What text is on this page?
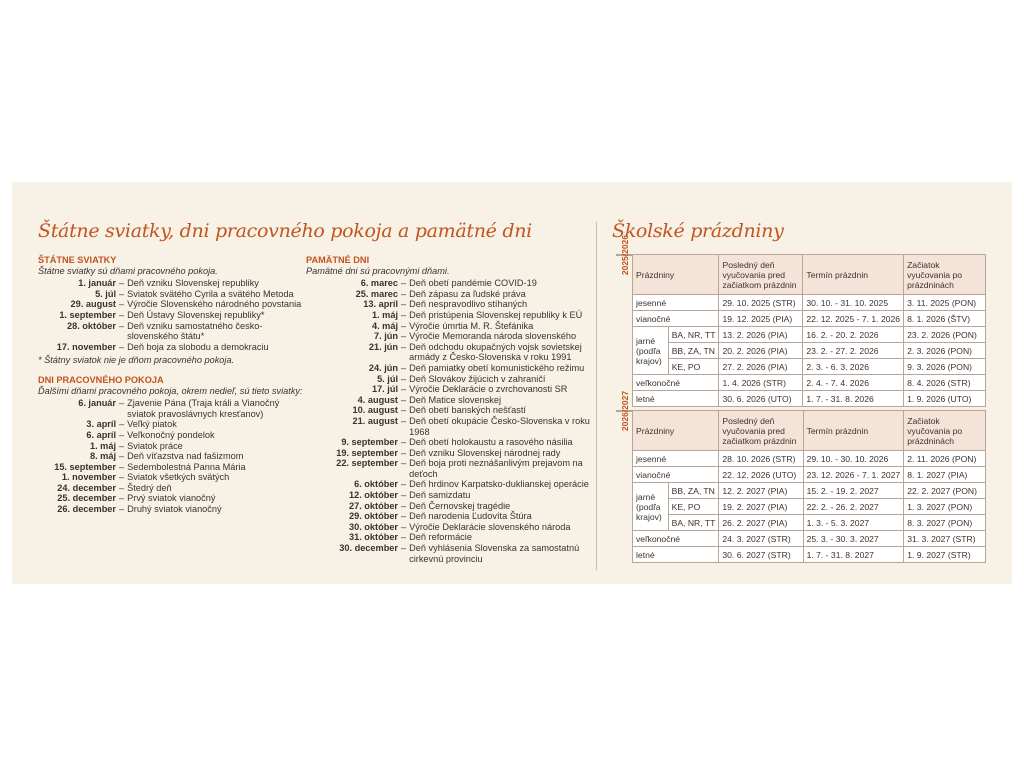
Štátne sviatky, dni pracovného pokoja a pamätné dni	Školské prázdniny
ŠTÁTNE SVIATKY
Štátne sviatky sú dňami pracovného pokoja.
1. január – Deň vzniku Slovenskej republiky
5. júl – Sviatok svätého Cyrila a svätého Metoda
29. august – Výročie Slovenského národného povstania
1. september – Deň Ústavy Slovenskej republiky*
28. október – Deň vzniku samostatného česko-slovenského štátu*
17. november – Deň boja za slobodu a demokraciu
* Štátny sviatok nie je dňom pracovného pokoja.
DNI PRACOVNÉHO POKOJA
Ďalšími dňami pracovného pokoja, okrem nedieľ, sú tieto sviatky:
6. január – Zjavenie Pána (Traja králi a Vianočný sviatok pravoslávnych kresťanov)
3. apríl – Veľký piatok
6. apríl – Veľkonočný pondelok
1. máj – Sviatok práce
8. máj – Deň víťazstva nad fašizmom
15. september – Sedembolestná Panna Mária
1. november – Sviatok všetkých svätých
24. december – Štedrý deň
25. december – Prvý sviatok vianočný
26. december – Druhý sviatok vianočný
PAMÄTNÉ DNI
Pamätné dni sú pracovnými dňami.
6. marec – Deň obetí pandémie COVID-19
25. marec – Deň zápasu za ľudské práva
13. apríl – Deň nespravodlivo stíhaných
1. máj – Deň pristúpenia Slovenskej republiky k EÚ
4. máj – Výročie úmrtia M. R. Štefánika
7. jún – Výročie Memoranda národa slovenského
21. jún – Deň odchodu okupačných vojsk sovietskej armády z Česko-Slovenska v roku 1991
24. jún – Deň pamiatky obetí komunistického režimu
5. júl – Deň Slovákov žijúcich v zahraničí
17. júl – Výročie Deklarácie o zvrchovanosti SR
4. august – Deň Matice slovenskej
10. august – Deň obetí banských nešťastí
21. august – Deň obetí okupácie Česko-Slovenska v roku 1968
9. september – Deň obetí holokaustu a rasového násilia
19. september – Deň vzniku Slovenskej národnej rady
22. september – Deň boja proti neznášanlivým prejavom na deťoch
6. október – Deň hrdinov Karpatsko-duklianskej operácie
12. október – Deň samizdatu
27. október – Deň Černovskej tragédie
29. október – Deň narodenia Ľudovíta Štúra
30. október – Výročie Deklarácie slovenského národa
31. október – Deň reformácie
30. december – Deň vyhlásenia Slovenska za samostatnú cirkevnú provinciu
2025/2026 Prázdniny		Posledný deň vyučovania pred začiatkom prázdnin	Termín prázdnin	Začiatok vyučovania po prázdninách
jesenné		29. 10. 2025 (STR)	30. 10. - 31. 10. 2025	3. 11. 2025 (PON)
vianočné		19. 12. 2025 (PIA)	22. 12. 2025 - 7. 1. 2026	8. 1. 2026 (ŠTV)
jarné (podľa krajov)	BA, NR, TT	13. 2. 2026 (PIA)	16. 2. - 20. 2. 2026	23. 2. 2026 (PON)
	BB, ZA, TN	20. 2. 2026 (PIA)	23. 2. - 27. 2. 2026	2. 3. 2026 (PON)
	KE, PO	27. 2. 2026 (PIA)	2. 3. - 6. 3. 2026	9. 3. 2026 (PON)
veľkonočné		1. 4. 2026 (STR)	2. 4. - 7. 4. 2026	8. 4. 2026 (STR)
letné		30. 6. 2026 (UTO)	1. 7. - 31. 8. 2026	1. 9. 2026 (UTO)
2026/2027 Prázdniny		Posledný deň vyučovania pred začiatkom prázdnin	Termín prázdnin	Začiatok vyučovania po prázdninách
jesenné		28. 10. 2026 (STR)	29. 10. - 30. 10. 2026	2. 11. 2026 (PON)
vianočné		22. 12. 2026 (UTO)	23. 12. 2026 - 7. 1. 2027	8. 1. 2027 (PIA)
jarné (podľa krajov)	BB, ZA, TN	12. 2. 2027 (PIA)	15. 2. - 19. 2. 2027	22. 2. 2027 (PON)
	KE, PO	19. 2. 2027 (PIA)	22. 2. - 26. 2. 2027	1. 3. 2027 (PON)
	BA, NR, TT	26. 2. 2027 (PIA)	1. 3. - 5. 3. 2027	8. 3. 2027 (PON)
veľkonočné		24. 3. 2027 (STR)	25. 3. - 30. 3. 2027	31. 3. 2027 (STR)
letné		30. 6. 2027 (STR)	1. 7. - 31. 8. 2027	1. 9. 2027 (STR)
